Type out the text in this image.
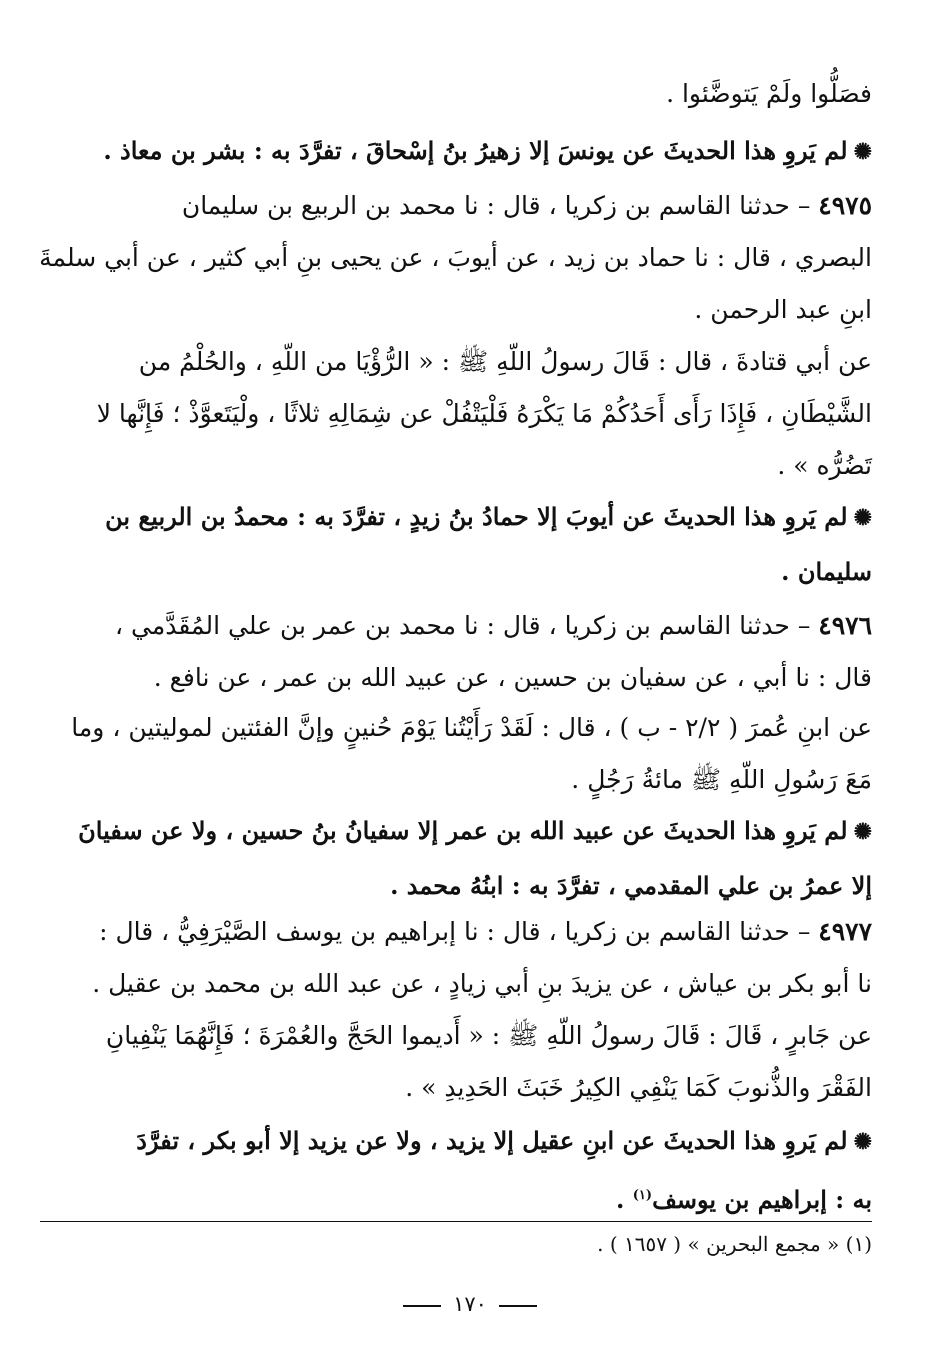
(١) « مجمع البحرين » ( ١٦٥٧ ) .
١٧٠
فصَلُّوا ولَمْ يَتوضَّئوا .
✺لم يَروِ هذا الحديثَ عن يونسَ إلا زهيرُ بنُ إسْحاقَ ، تفرَّدَ به : بشر بن معاذ .
٤٩٧٥ – حدثنا القاسم بن زكريا ، قال : نا محمد بن الربيع بن سليمان
البصري ، قال : نا حماد بن زيد ، عن أيوبَ ، عن يحيى بنِ أبي كثير ، عن أبي سلمةَ
ابنِ عبد الرحمن .
عن أبي قتادةَ ، قال : قَالَ رسولُ اللّهِ ﷺ : « الرُّؤْيَا من اللّهِ ، والحُلْمُ من
الشَّيْطَانِ ، فَإِذَا رَأَى أَحَدُكُمْ مَا يَكْرَهُ فَلْيَتْفُلْ عن شِمَالِهِ ثلاثًا ، ولْيَتَعوَّذْ ؛ فَإِنَّها لا
تَضُرُّه » .
✺لم يَروِ هذا الحديثَ عن أيوبَ إلا حمادُ بنُ زيدٍ ، تفرَّدَ به : محمدُ بن الربيع بن
سليمان .
٤٩٧٦ – حدثنا القاسم بن زكريا ، قال : نا محمد بن عمر بن علي المُقَدَّمي ،
قال : نا أبي ، عن سفيان بن حسين ، عن عبيد الله بن عمر ، عن نافع .
عن ابنِ عُمرَ ( ٢/٢ - ب ) ، قال : لَقَدْ رَأَيْتُنا يَوْمَ حُنينٍ وإنَّ الفئتين لموليتين ، وما
مَعَ رَسُولِ اللّهِ ﷺ مائةُ رَجُلٍ .
✺لم يَروِ هذا الحديثَ عن عبيد الله بن عمر إلا سفيانُ بنُ حسين ، ولا عن سفيانَ
إلا عمرُ بن علي المقدمي ، تفرَّدَ به : ابنُهُ محمد .
٤٩٧٧ – حدثنا القاسم بن زكريا ، قال : نا إبراهيم بن يوسف الصَّيْرَفِيُّ ، قال :
نا أبو بكر بن عياش ، عن يزيدَ بنِ أبي زيادٍ ، عن عبد الله بن محمد بن عقيل .
عن جَابرٍ ، قَالَ : قَالَ رسولُ اللّهِ ﷺ : « أَديموا الحَجَّ والعُمْرَةَ ؛ فَإِنَّهُمَا يَنْفِيانِ
الفَقْرَ والذُّنوبَ كَمَا يَنْفِي الكِيرُ خَبَثَ الحَدِيدِ » .
✺لم يَروِ هذا الحديثَ عن ابنِ عقيل إلا يزيد ، ولا عن يزيد إلا أبو بكر ، تفرَّدَ
به : إبراهيم بن يوسف$^{(١)}$ .
